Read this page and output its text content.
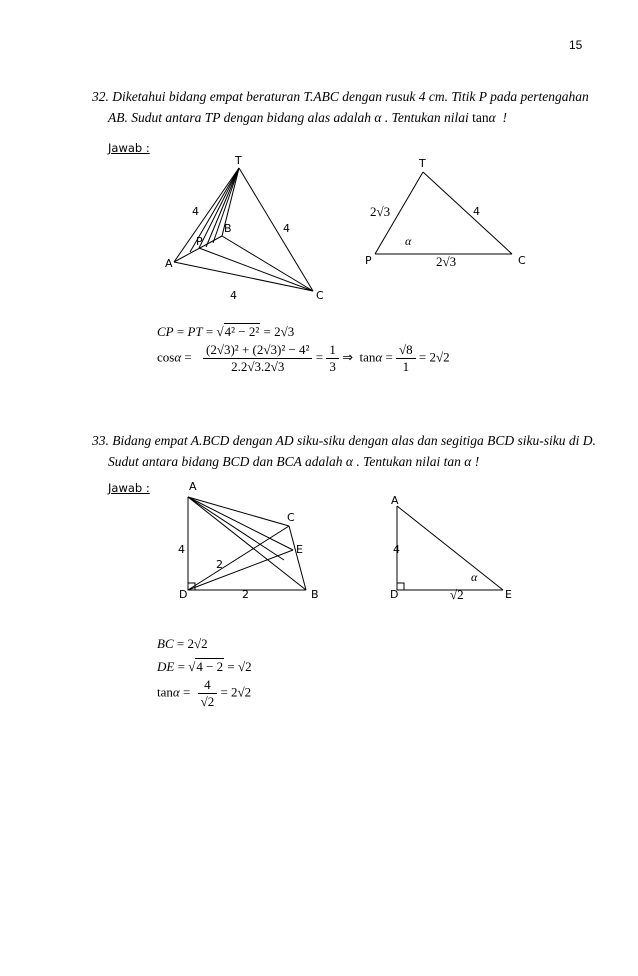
15
32. Diketahui bidang empat beraturan T.ABC dengan rusuk 4 cm. Titik P pada pertengahan
AB. Sudut antara TP dengan bidang alas adalah α . Tentukan nilai tanα !
Jawab :
T
B
P
A
C
4
4
4
T
P	C
2√3	4
2√3
α
CP = PT = √4² − 2² = 2√3
$\cos\alpha = \frac{\text{(2√3)² + (2√3)² − 4²}}{2.2√3.2√3} = \frac{1}{3}$ ⇒ $\tan\alpha = \frac{√8}{1} = 2√2$
33. Bidang empat A.BCD dengan AD siku-siku dengan alas dan segitiga BCD siku-siku di D.
Sudut antara bidang BCD dan BCA adalah α . Tentukan nilai tan α !
Jawab :	A
C
E
D	B
4
2
2
A
D	E
4
√2
α
BC = 2√2
DE = √4 − 2 = √2
$\tan\alpha = \frac{4}{√2} = 2√2$
